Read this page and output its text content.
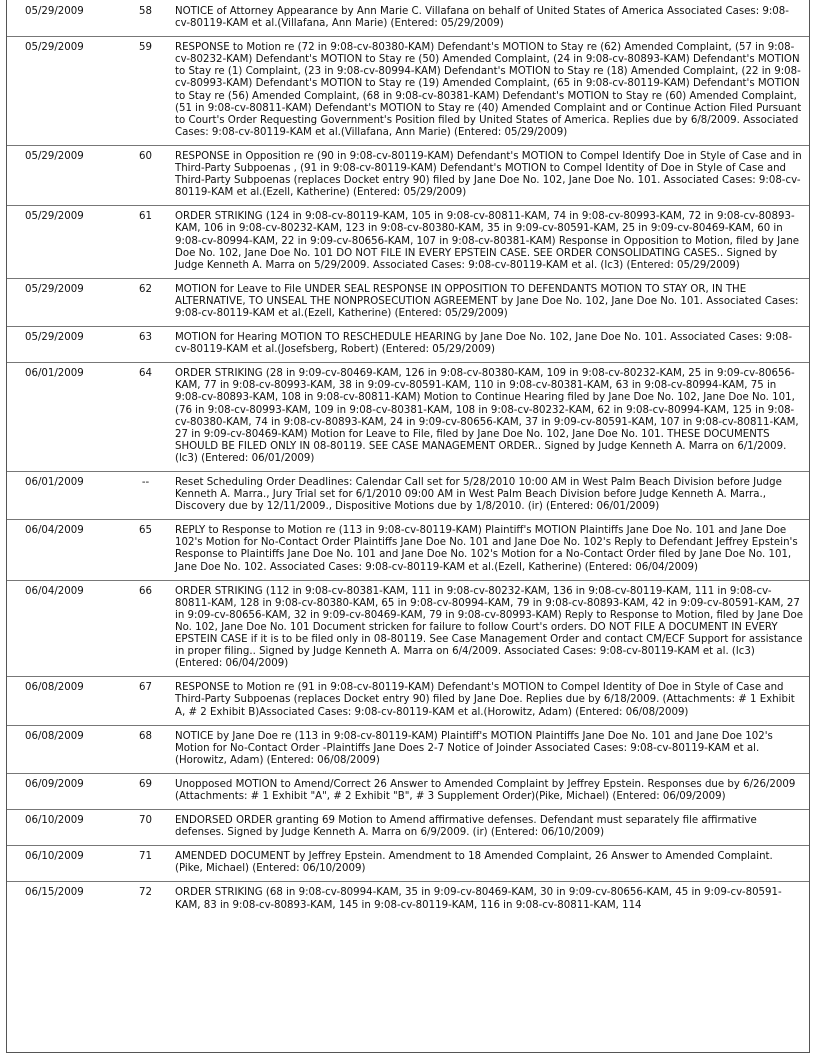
05/29/2009	58	NOTICE of Attorney Appearance by Ann Marie C. Villafana on behalf of United States of America Associated Cases: 9:08-cv-80119-KAM et al.(Villafana, Ann Marie) (Entered: 05/29/2009)
05/29/2009	59	RESPONSE to Motion re (72 in 9:08-cv-80380-KAM) Defendant's MOTION to Stay re (62) Amended Complaint, (57 in 9:08-cv-80232-KAM) Defendant's MOTION to Stay re (50) Amended Complaint, (24 in 9:08-cv-80893-KAM) Defendant's MOTION to Stay re (1) Complaint, (23 in 9:08-cv-80994-KAM) Defendant's MOTION to Stay re (18) Amended Complaint, (22 in 9:08-cv-80993-KAM) Defendant's MOTION to Stay re (19) Amended Complaint, (65 in 9:08-cv-80119-KAM) Defendant's MOTION to Stay re (56) Amended Complaint, (68 in 9:08-cv-80381-KAM) Defendant's MOTION to Stay re (60) Amended Complaint, (51 in 9:08-cv-80811-KAM) Defendant's MOTION to Stay re (40) Amended Complaint and or Continue Action Filed Pursuant to Court's Order Requesting Government's Position filed by United States of America. Replies due by 6/8/2009. Associated Cases: 9:08-cv-80119-KAM et al.(Villafana, Ann Marie) (Entered: 05/29/2009)
05/29/2009	60	RESPONSE in Opposition re (90 in 9:08-cv-80119-KAM) Defendant's MOTION to Compel Identify Doe in Style of Case and in Third-Party Subpoenas , (91 in 9:08-cv-80119-KAM) Defendant's MOTION to Compel Identity of Doe in Style of Case and Third-Party Subpoenas (replaces Docket entry 90) filed by Jane Doe No. 102, Jane Doe No. 101. Associated Cases: 9:08-cv-80119-KAM et al.(Ezell, Katherine) (Entered: 05/29/2009)
05/29/2009	61	ORDER STRIKING (124 in 9:08-cv-80119-KAM, 105 in 9:08-cv-80811-KAM, 74 in 9:08-cv-80993-KAM, 72 in 9:08-cv-80893-KAM, 106 in 9:08-cv-80232-KAM, 123 in 9:08-cv-80380-KAM, 35 in 9:09-cv-80591-KAM, 25 in 9:09-cv-80469-KAM, 60 in 9:08-cv-80994-KAM, 22 in 9:09-cv-80656-KAM, 107 in 9:08-cv-80381-KAM) Response in Opposition to Motion, filed by Jane Doe No. 102, Jane Doe No. 101 DO NOT FILE IN EVERY EPSTEIN CASE. SEE ORDER CONSOLIDATING CASES.. Signed by Judge Kenneth A. Marra on 5/29/2009. Associated Cases: 9:08-cv-80119-KAM et al. (lc3) (Entered: 05/29/2009)
05/29/2009	62	MOTION for Leave to File UNDER SEAL RESPONSE IN OPPOSITION TO DEFENDANTS MOTION TO STAY OR, IN THE ALTERNATIVE, TO UNSEAL THE NONPROSECUTION AGREEMENT by Jane Doe No. 102, Jane Doe No. 101. Associated Cases: 9:08-cv-80119-KAM et al.(Ezell, Katherine) (Entered: 05/29/2009)
05/29/2009	63	MOTION for Hearing MOTION TO RESCHEDULE HEARING by Jane Doe No. 102, Jane Doe No. 101. Associated Cases: 9:08-cv-80119-KAM et al.(Josefsberg, Robert) (Entered: 05/29/2009)
06/01/2009	64	ORDER STRIKING (28 in 9:09-cv-80469-KAM, 126 in 9:08-cv-80380-KAM, 109 in 9:08-cv-80232-KAM, 25 in 9:09-cv-80656-KAM, 77 in 9:08-cv-80993-KAM, 38 in 9:09-cv-80591-KAM, 110 in 9:08-cv-80381-KAM, 63 in 9:08-cv-80994-KAM, 75 in 9:08-cv-80893-KAM, 108 in 9:08-cv-80811-KAM) Motion to Continue Hearing filed by Jane Doe No. 102, Jane Doe No. 101, (76 in 9:08-cv-80993-KAM, 109 in 9:08-cv-80381-KAM, 108 in 9:08-cv-80232-KAM, 62 in 9:08-cv-80994-KAM, 125 in 9:08-cv-80380-KAM, 74 in 9:08-cv-80893-KAM, 24 in 9:09-cv-80656-KAM, 37 in 9:09-cv-80591-KAM, 107 in 9:08-cv-80811-KAM, 27 in 9:09-cv-80469-KAM) Motion for Leave to File, filed by Jane Doe No. 102, Jane Doe No. 101. THESE DOCUMENTS SHOULD BE FILED ONLY IN 08-80119. SEE CASE MANAGEMENT ORDER.. Signed by Judge Kenneth A. Marra on 6/1/2009. (lc3) (Entered: 06/01/2009)
06/01/2009	--	Reset Scheduling Order Deadlines: Calendar Call set for 5/28/2010 10:00 AM in West Palm Beach Division before Judge Kenneth A. Marra., Jury Trial set for 6/1/2010 09:00 AM in West Palm Beach Division before Judge Kenneth A. Marra., Discovery due by 12/11/2009., Dispositive Motions due by 1/8/2010. (ir) (Entered: 06/01/2009)
06/04/2009	65	REPLY to Response to Motion re (113 in 9:08-cv-80119-KAM) Plaintiff's MOTION Plaintiffs Jane Doe No. 101 and Jane Doe 102's Motion for No-Contact Order Plaintiffs Jane Doe No. 101 and Jane Doe No. 102's Reply to Defendant Jeffrey Epstein's Response to Plaintiffs Jane Doe No. 101 and Jane Doe No. 102's Motion for a No-Contact Order filed by Jane Doe No. 101, Jane Doe No. 102. Associated Cases: 9:08-cv-80119-KAM et al.(Ezell, Katherine) (Entered: 06/04/2009)
06/04/2009	66	ORDER STRIKING (112 in 9:08-cv-80381-KAM, 111 in 9:08-cv-80232-KAM, 136 in 9:08-cv-80119-KAM, 111 in 9:08-cv-80811-KAM, 128 in 9:08-cv-80380-KAM, 65 in 9:08-cv-80994-KAM, 79 in 9:08-cv-80893-KAM, 42 in 9:09-cv-80591-KAM, 27 in 9:09-cv-80656-KAM, 32 in 9:09-cv-80469-KAM, 79 in 9:08-cv-80993-KAM) Reply to Response to Motion, filed by Jane Doe No. 102, Jane Doe No. 101 Document stricken for failure to follow Court's orders. DO NOT FILE A DOCUMENT IN EVERY EPSTEIN CASE if it is to be filed only in 08-80119. See Case Management Order and contact CM/ECF Support for assistance in proper filing.. Signed by Judge Kenneth A. Marra on 6/4/2009. Associated Cases: 9:08-cv-80119-KAM et al. (lc3) (Entered: 06/04/2009)
06/08/2009	67	RESPONSE to Motion re (91 in 9:08-cv-80119-KAM) Defendant's MOTION to Compel Identity of Doe in Style of Case and Third-Party Subpoenas (replaces Docket entry 90) filed by Jane Doe. Replies due by 6/18/2009. (Attachments: # 1 Exhibit A, # 2 Exhibit B)Associated Cases: 9:08-cv-80119-KAM et al.(Horowitz, Adam) (Entered: 06/08/2009)
06/08/2009	68	NOTICE by Jane Doe re (113 in 9:08-cv-80119-KAM) Plaintiff's MOTION Plaintiffs Jane Doe No. 101 and Jane Doe 102's Motion for No-Contact Order -Plaintiffs Jane Does 2-7 Notice of Joinder Associated Cases: 9:08-cv-80119-KAM et al.(Horowitz, Adam) (Entered: 06/08/2009)
06/09/2009	69	Unopposed MOTION to Amend/Correct 26 Answer to Amended Complaint by Jeffrey Epstein. Responses due by 6/26/2009 (Attachments: # 1 Exhibit "A", # 2 Exhibit "B", # 3 Supplement Order)(Pike, Michael) (Entered: 06/09/2009)
06/10/2009	70	ENDORSED ORDER granting 69 Motion to Amend affirmative defenses. Defendant must separately file affirmative defenses. Signed by Judge Kenneth A. Marra on 6/9/2009. (ir) (Entered: 06/10/2009)
06/10/2009	71	AMENDED DOCUMENT by Jeffrey Epstein. Amendment to 18 Amended Complaint, 26 Answer to Amended Complaint. (Pike, Michael) (Entered: 06/10/2009)
06/15/2009	72	ORDER STRIKING (68 in 9:08-cv-80994-KAM, 35 in 9:09-cv-80469-KAM, 30 in 9:09-cv-80656-KAM, 45 in 9:09-cv-80591-KAM, 83 in 9:08-cv-80893-KAM, 145 in 9:08-cv-80119-KAM, 116 in 9:08-cv-80811-KAM, 114
